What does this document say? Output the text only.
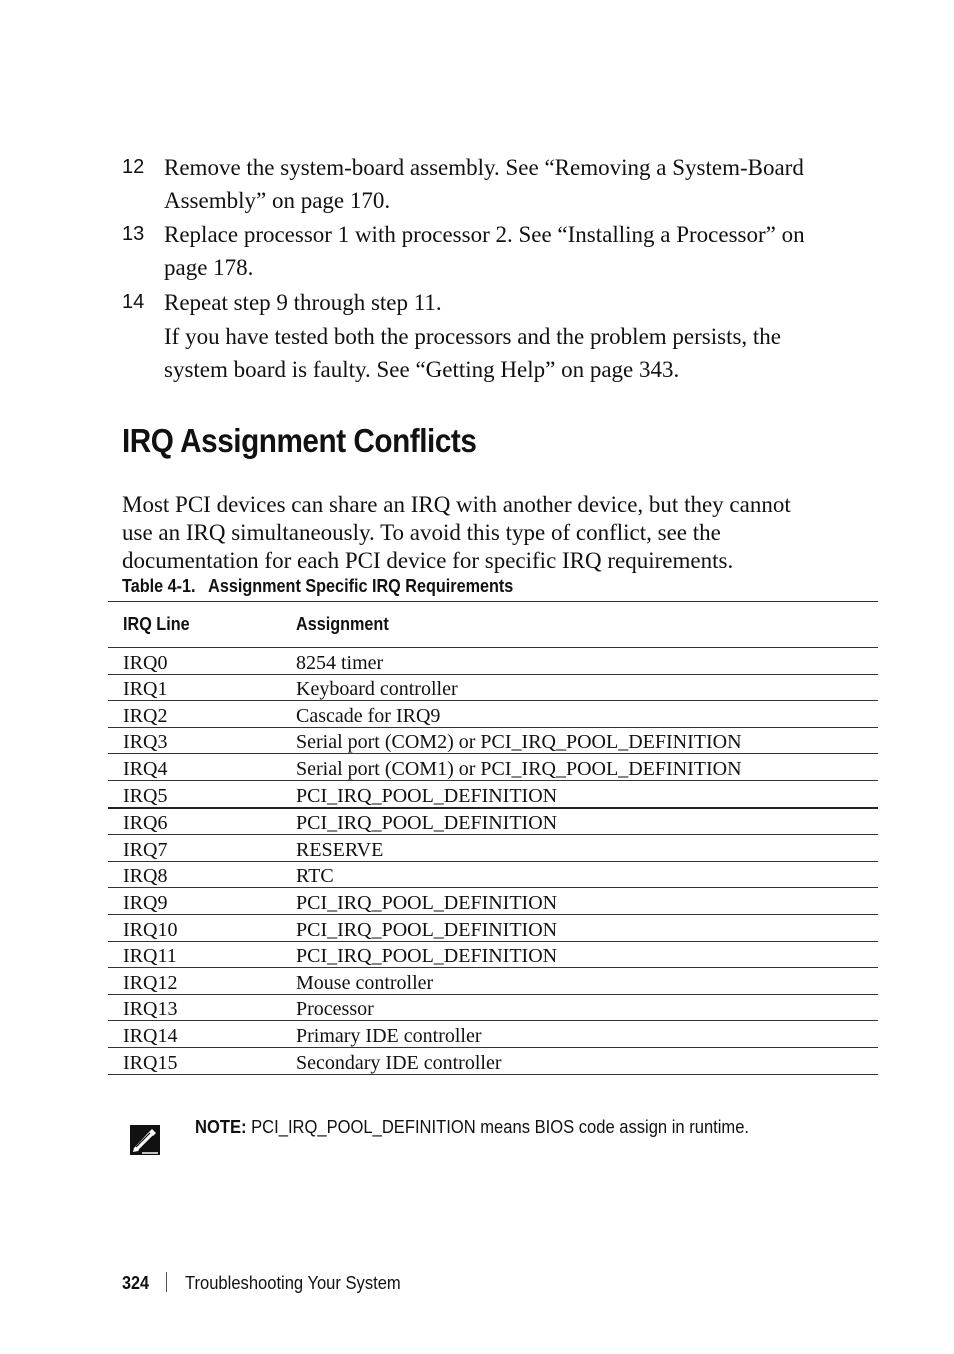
12 Remove the system-board assembly. See “Removing a System-Board Assembly” on page 170.
13 Replace processor 1 with processor 2. See “Installing a Processor” on page 178.
14 Repeat step 9 through step 11.
If you have tested both the processors and the problem persists, the system board is faulty. See “Getting Help” on page 343.
IRQ Assignment Conflicts
Most PCI devices can share an IRQ with another device, but they cannot use an IRQ simultaneously. To avoid this type of conflict, see the documentation for each PCI device for specific IRQ requirements.
Table 4-1. Assignment Specific IRQ Requirements
IRQ Line	Assignment
IRQ0	8254 timer
IRQ1	Keyboard controller
IRQ2	Cascade for IRQ9
IRQ3	Serial port (COM2) or PCI_IRQ_POOL_DEFINITION
IRQ4	Serial port (COM1) or PCI_IRQ_POOL_DEFINITION
IRQ5	PCI_IRQ_POOL_DEFINITION
IRQ6	PCI_IRQ_POOL_DEFINITION
IRQ7	RESERVE
IRQ8	RTC
IRQ9	PCI_IRQ_POOL_DEFINITION
IRQ10	PCI_IRQ_POOL_DEFINITION
IRQ11	PCI_IRQ_POOL_DEFINITION
IRQ12	Mouse controller
IRQ13	Processor
IRQ14	Primary IDE controller
IRQ15	Secondary IDE controller
NOTE: PCI_IRQ_POOL_DEFINITION means BIOS code assign in runtime.
324 Troubleshooting Your System
